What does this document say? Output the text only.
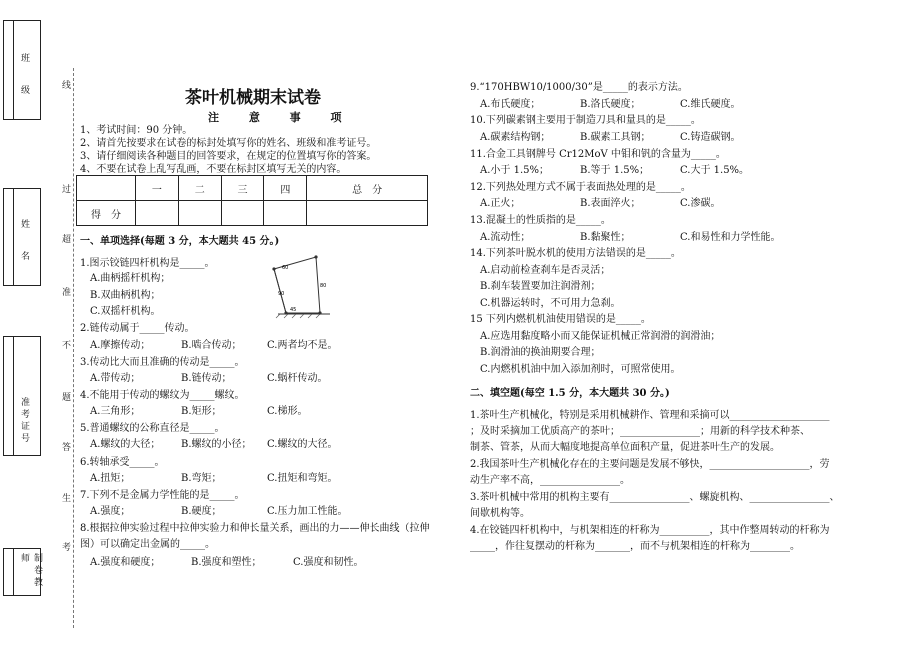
班 级
姓 名
准考证号
制卷教师
线
过
超
准
不
题
答
生
考
茶叶机械期末试卷
注 意 事 项
1、考试时间：90 分钟。
2、请首先按要求在试卷的标封处填写你的姓名、班级和准考证号。
3、请仔细阅读各种题目的回答要求，在规定的位置填写你的答案。
4、不要在试卷上乱写乱画，不要在标封区填写无关的内容。
	一	二	三	四	总　分
得　分					
一、单项选择(每题 3 分，本大题共 45 分。)
1.图示铰链四杆机构是_____。
A.曲柄摇杆机构；
B.双曲柄机构；
C.双摇杆机构。
60
80
90
45
2.链传动属于_____传动。
A.摩擦传动；	B.啮合传动；	C.两者均不是。
3.传动比大而且准确的传动是_____。
A.带传动；	B.链传动；	C.蜗杆传动。
4.不能用于传动的螺纹为_____螺纹。
A.三角形；	B.矩形；	C.梯形。
5.普通螺纹的公称直径是_____。
A.螺纹的大径； B.螺纹的小径； C.螺纹的大径。
6.转轴承受_____。
A.扭矩；	B.弯矩；	C.扭矩和弯矩。
7.下列不是金属力学性能的是_____。
A.强度；	B.硬度；	C.压力加工性能。
8.根据拉伸实验过程中拉伸实验力和伸长量关系，画出的力——伸长曲线（拉伸
图）可以确定出金属的_____。
A.强度和硬度；	B.强度和塑性；	C.强度和韧性。
9.“170HBW10/1000/30”是_____的表示方法。
A.布氏硬度；	B.洛氏硬度；	C.维氏硬度。
10.下列碳素钢主要用于制造刀具和量具的是_____。
A.碳素结构钢；	B.碳素工具钢；	C.铸造碳钢。
11.合金工具钢牌号 Cr12MoV 中钼和钒的含量为_____。
A.小于 1.5%；	B.等于 1.5%；	C.大于 1.5%。
12.下列热处理方式不属于表面热处理的是_____。
A.正火；	B.表面淬火；	C.渗碳。
13.混凝土的性质指的是_____。
A.流动性；	B.黏聚性；	C.和易性和力学性能。
14.下列茶叶脱水机的使用方法错误的是_____。
A.启动前检查刹车是否灵活；
B.刹车装置要加注润滑剂；
C.机器运转时，不可用力急刹。
15 下列内燃机机油使用错误的是_____。
A.应选用黏度略小而又能保证机械正常润滑的润滑油；
B.润滑油的换油期要合理；
C.内燃机机油中加入添加剂时，可照常使用。
二、填空题(每空 1.5 分，本大题共 30 分。)
1.茶叶生产机械化，特别是采用机械耕作、管理和采摘可以____________________
；及时采摘加工优质高产的茶叶；________________；用新的科学技术种茶、
制茶、管茶，从而大幅度地提高单位面积产量，促进茶叶生产的发展。
2.我国茶叶生产机械化存在的主要问题是发展不够快，____________________，劳
动生产率不高，________________。
3.茶叶机械中常用的机构主要有________________、螺旋机构、________________、
间歇机构等。
4.在铰链四杆机构中，与机架相连的杆称为__________，其中作整周转动的杆称为
_____，作往复摆动的杆称为_______，而不与机架相连的杆称为________。
